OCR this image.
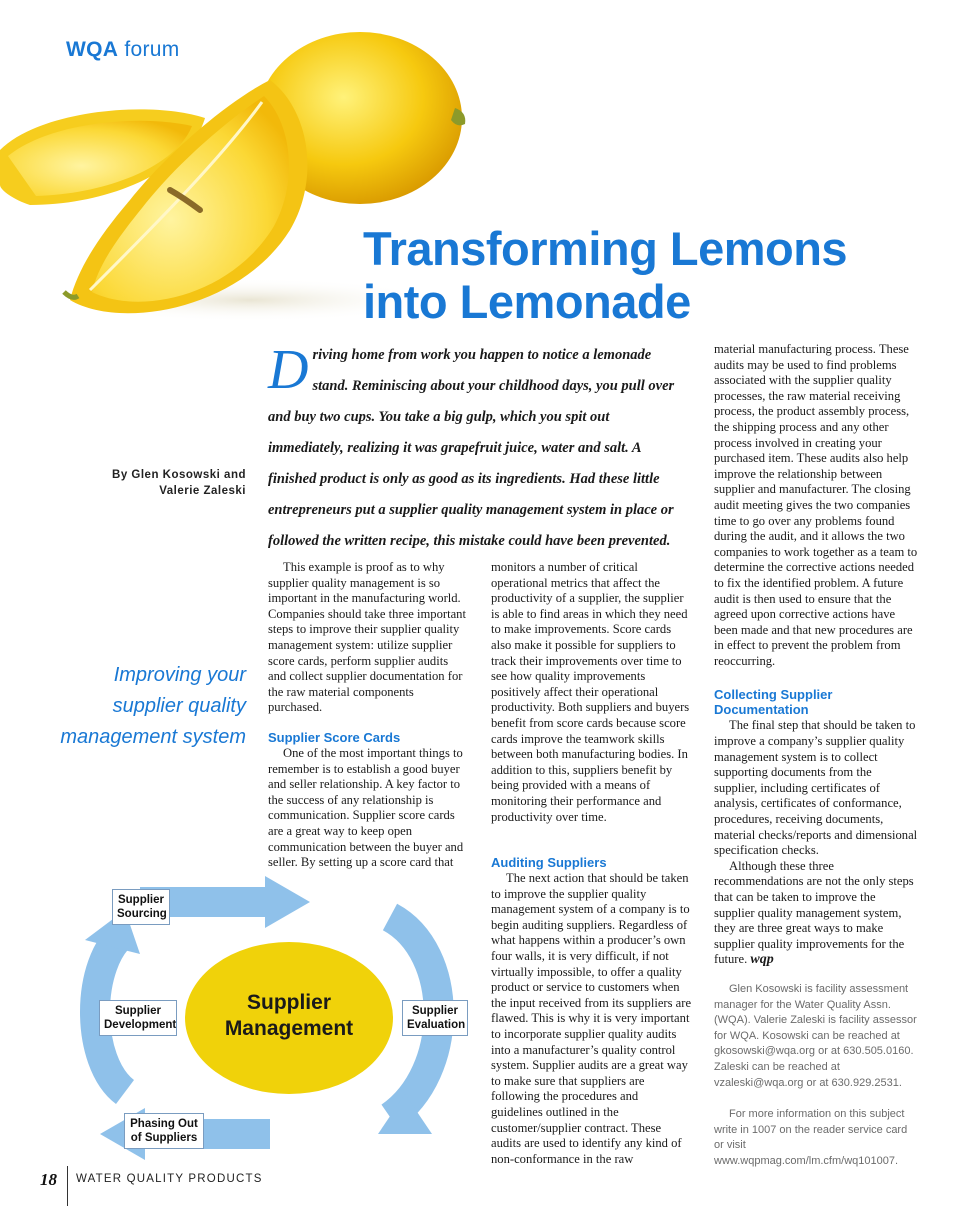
WQA forum
Transforming Lemons
into Lemonade
By Glen Kosowski and
Valerie Zaleski
Improving your supplier quality management system
Driving home from work you happen to notice a lemonade stand. Reminiscing about your childhood days, you pull over and buy two cups. You take a big gulp, which you spit out immediately, realizing it was grapefruit juice, water and salt. A finished product is only as good as its ingredients. Had these little entrepreneurs put a supplier quality management system in place or followed the written recipe, this mistake could have been prevented.

This example is proof as to why supplier quality management is so important in the manufacturing world. Companies should take three important steps to improve their supplier quality management system: utilize supplier score cards, perform supplier audits and collect supplier documentation for the raw material components purchased.

Supplier Score Cards

One of the most important things to remember is to establish a good buyer and seller relationship. A key factor to the success of any relationship is communication. Supplier score cards are a great way to keep open communication between the buyer and seller. By setting up a score card that

monitors a number of critical operational metrics that affect the productivity of a supplier, the supplier is able to find areas in which they need to make improvements. Score cards also make it possible for suppliers to track their improvements over time to see how quality improvements positively affect their operational productivity. Both suppliers and buyers benefit from score cards because score cards improve the teamwork skills between both manufacturing bodies. In addition to this, suppliers benefit by being provided with a means of monitoring their performance and productivity over time.

Auditing Suppliers

The next action that should be taken to improve the supplier quality management system of a company is to begin auditing suppliers. Regardless of what happens within a producer’s own four walls, it is very difficult, if not virtually impossible, to offer a quality product or service to customers when the input received from its suppliers are flawed. This is why it is very important to incorporate supplier quality audits into a manufacturer’s quality control system. Supplier audits are a great way to make sure that suppliers are following the procedures and guidelines outlined in the customer/supplier contract. These audits are used to identify any kind of non-conformance in the raw

material manufacturing process. These audits may be used to find problems associated with the supplier quality processes, the raw material receiving process, the product assembly process, the shipping process and any other process involved in creating your purchased item. These audits also help improve the relationship between supplier and manufacturer. The closing audit meeting gives the two companies time to go over any problems found during the audit, and it allows the two companies to work together as a team to determine the corrective actions needed to fix the identified problem. A future audit is then used to ensure that the agreed upon corrective actions have been made and that new procedures are in effect to prevent the problem from reoccurring.

Collecting Supplier Documentation

The final step that should be taken to improve a company’s supplier quality management system is to collect supporting documents from the supplier, including certificates of analysis, certificates of conformance, procedures, receiving documents, material checks/reports and dimensional specification checks.

Although these three recommendations are not the only steps that can be taken to improve the supplier quality management system, they are three great ways to make supplier quality improvements for the future. wqp

Glen Kosowski is facility assessment manager for the Water Quality Assn. (WQA). Valerie Zaleski is facility assessor for WQA. Kosowski can be reached at gkosowski@wqa.org or at 630.505.0160. Zaleski can be reached at vzaleski@wqa.org or at 630.929.2531.

For more information on this subject write in 1007 on the reader service card or visit www.wqpmag.com/lm.cfm/wq101007.

Supplier
Management
Supplier
Sourcing
Supplier
Evaluation
Supplier
Development
Phasing Out
of Suppliers
18 WATER QUALITY PRODUCTS
